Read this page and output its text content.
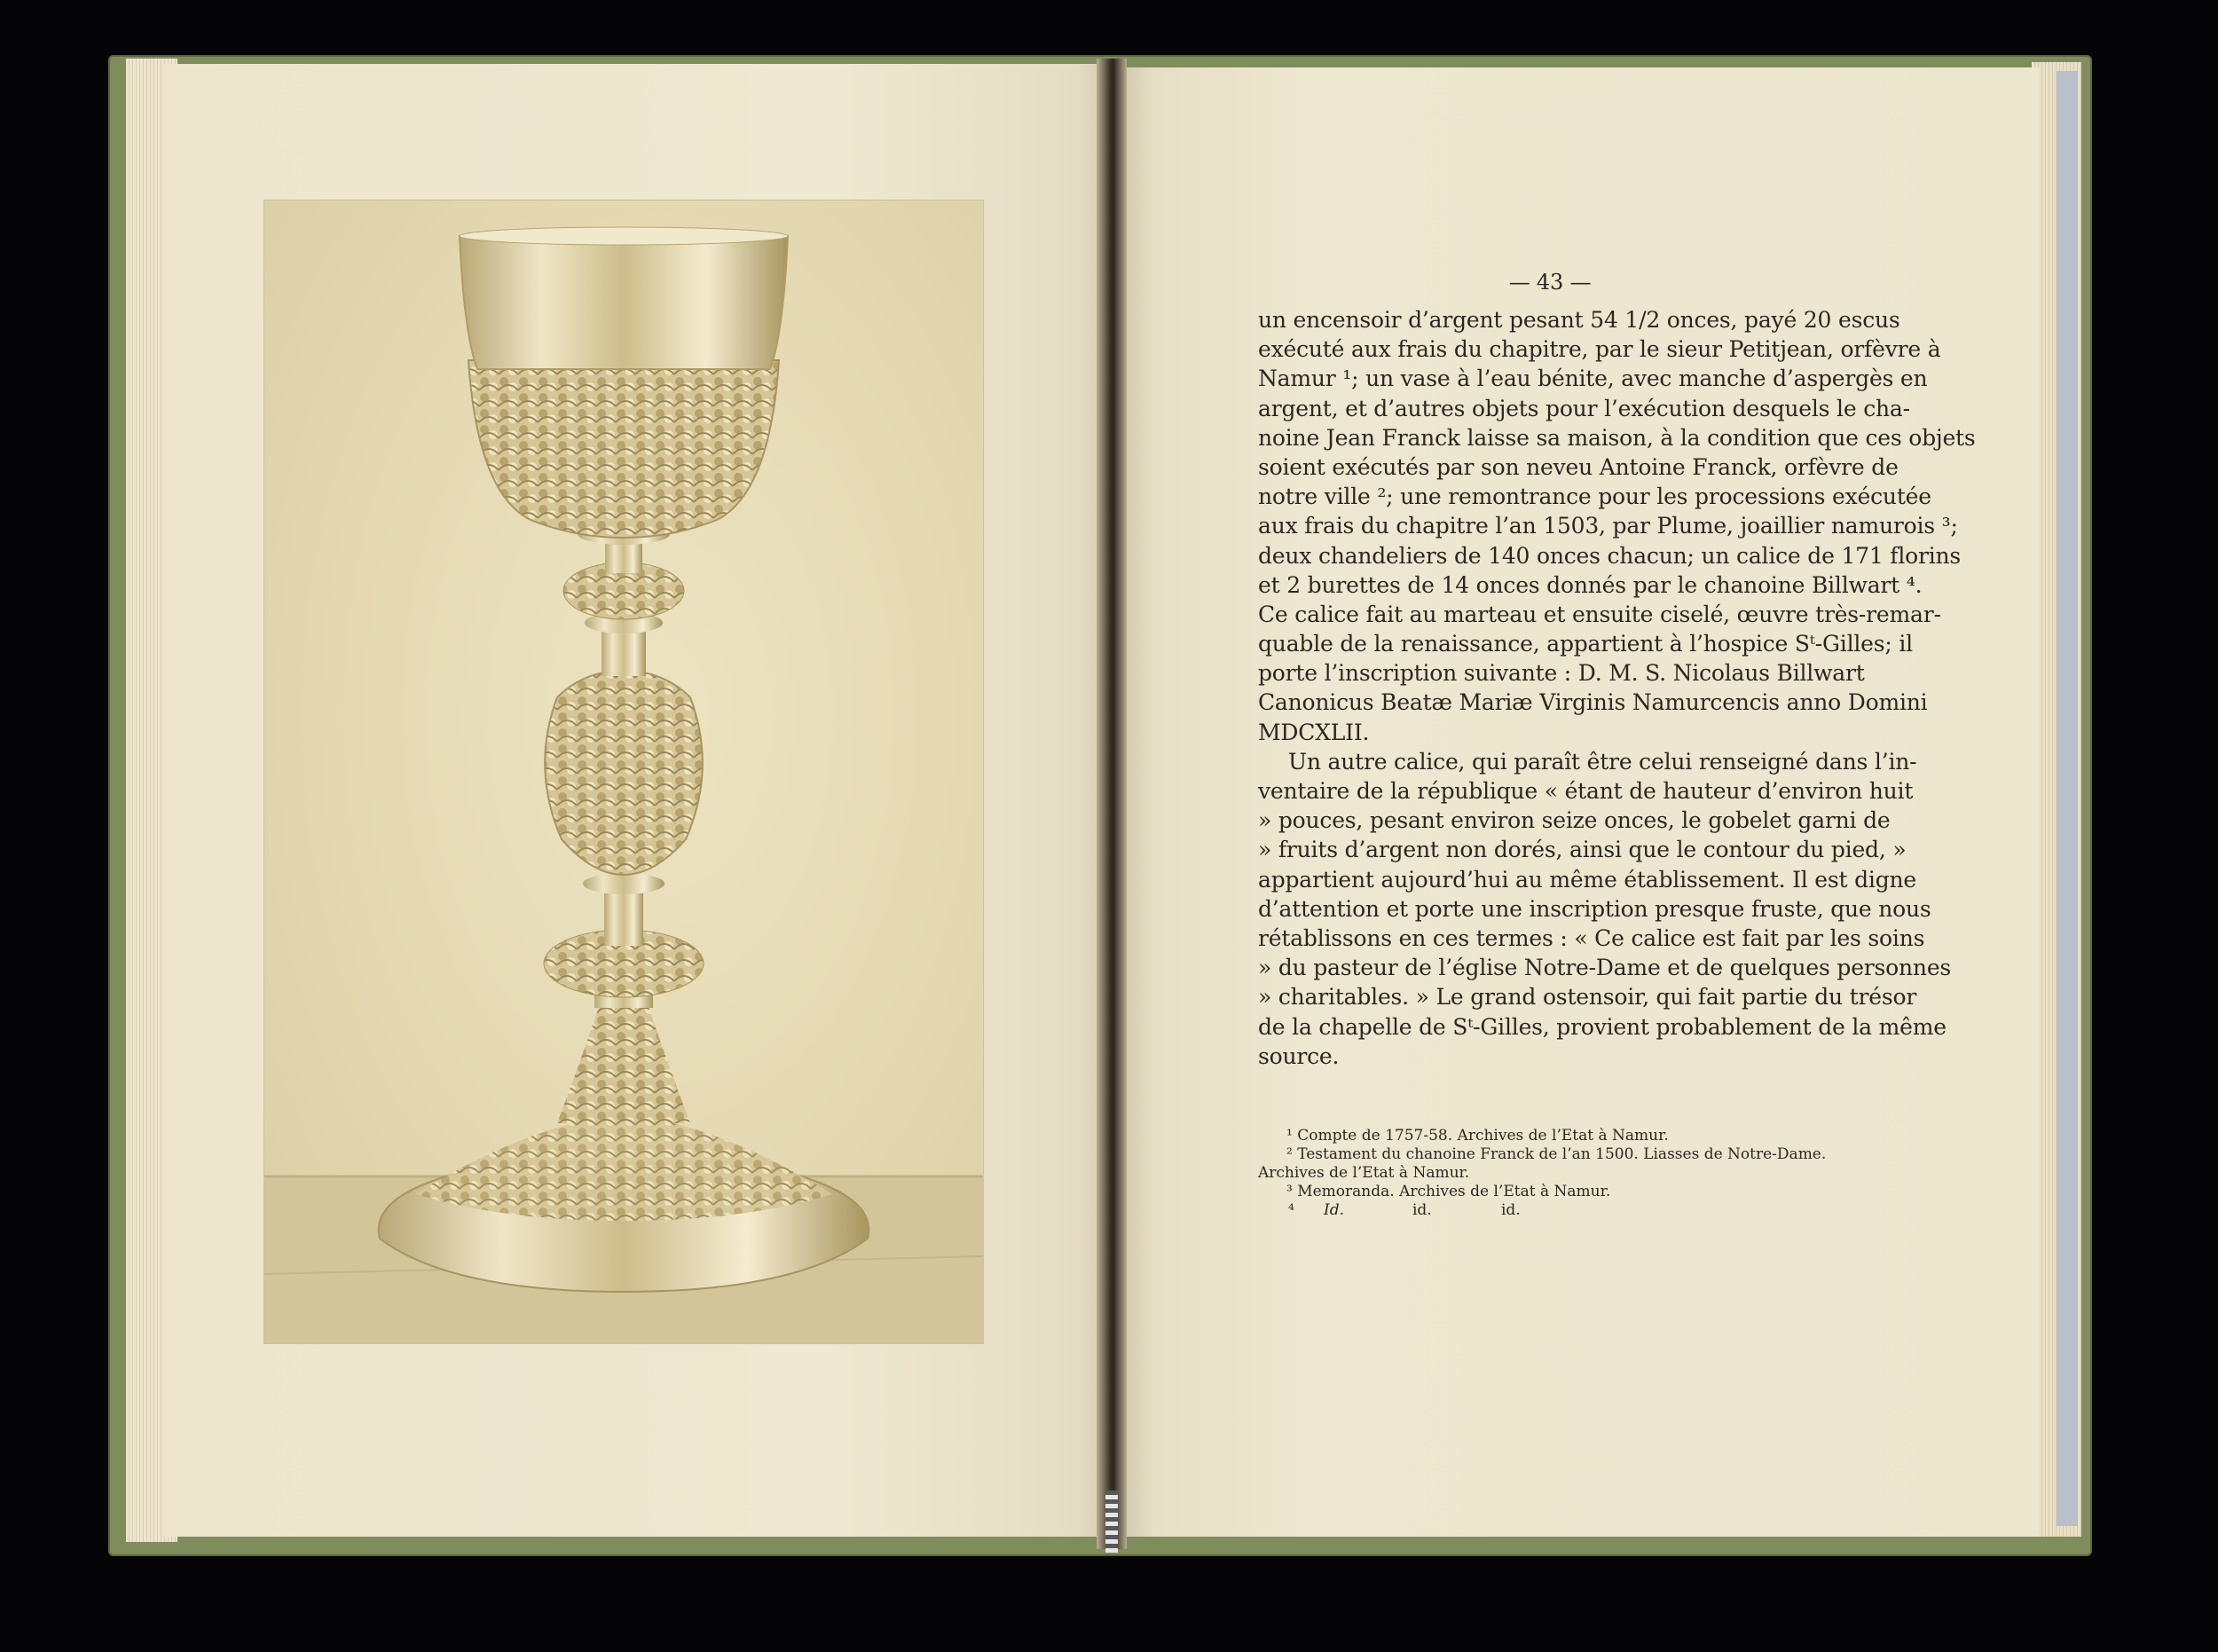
— 43 —
un encensoir d’argent pesant 54 1/2 onces, payé 20 escus
exécuté aux frais du chapitre, par le sieur Petitjean, orfèvre à
Namur ¹; un vase à l’eau bénite, avec manche d’aspergès en
argent, et d’autres objets pour l’exécution desquels le cha-
noine Jean Franck laisse sa maison, à la condition que ces objets
soient exécutés par son neveu Antoine Franck, orfèvre de
notre ville ²; une remontrance pour les processions exécutée
aux frais du chapitre l’an 1503, par Plume, joaillier namurois ³;
deux chandeliers de 140 onces chacun; un calice de 171 florins
et 2 burettes de 14 onces donnés par le chanoine Billwart ⁴.
Ce calice fait au marteau et ensuite ciselé, œuvre très-remar-
quable de la renaissance, appartient à l’hospice Sᵗ-Gilles; il
porte l’inscription suivante : D. M. S. Nicolaus Billwart
Canonicus Beatæ Mariæ Virginis Namurcencis anno Domini
MDCXLII.
Un autre calice, qui paraît être celui renseigné dans l’in-
ventaire de la république « étant de hauteur d’environ huit
» pouces, pesant environ seize onces, le gobelet garni de
» fruits d’argent non dorés, ainsi que le contour du pied, »
appartient aujourd’hui au même établissement. Il est digne
d’attention et porte une inscription presque fruste, que nous
rétablissons en ces termes : « Ce calice est fait par les soins
» du pasteur de l’église Notre-Dame et de quelques personnes
» charitables. » Le grand ostensoir, qui fait partie du trésor
de la chapelle de Sᵗ-Gilles, provient probablement de la même
source.
¹ Compte de 1757-58. Archives de l’Etat à Namur.
² Testament du chanoine Franck de l’an 1500. Liasses de Notre-Dame.
Archives de l’Etat à Namur.
³ Memoranda. Archives de l’Etat à Namur.
⁴ Id.	id.	id.
